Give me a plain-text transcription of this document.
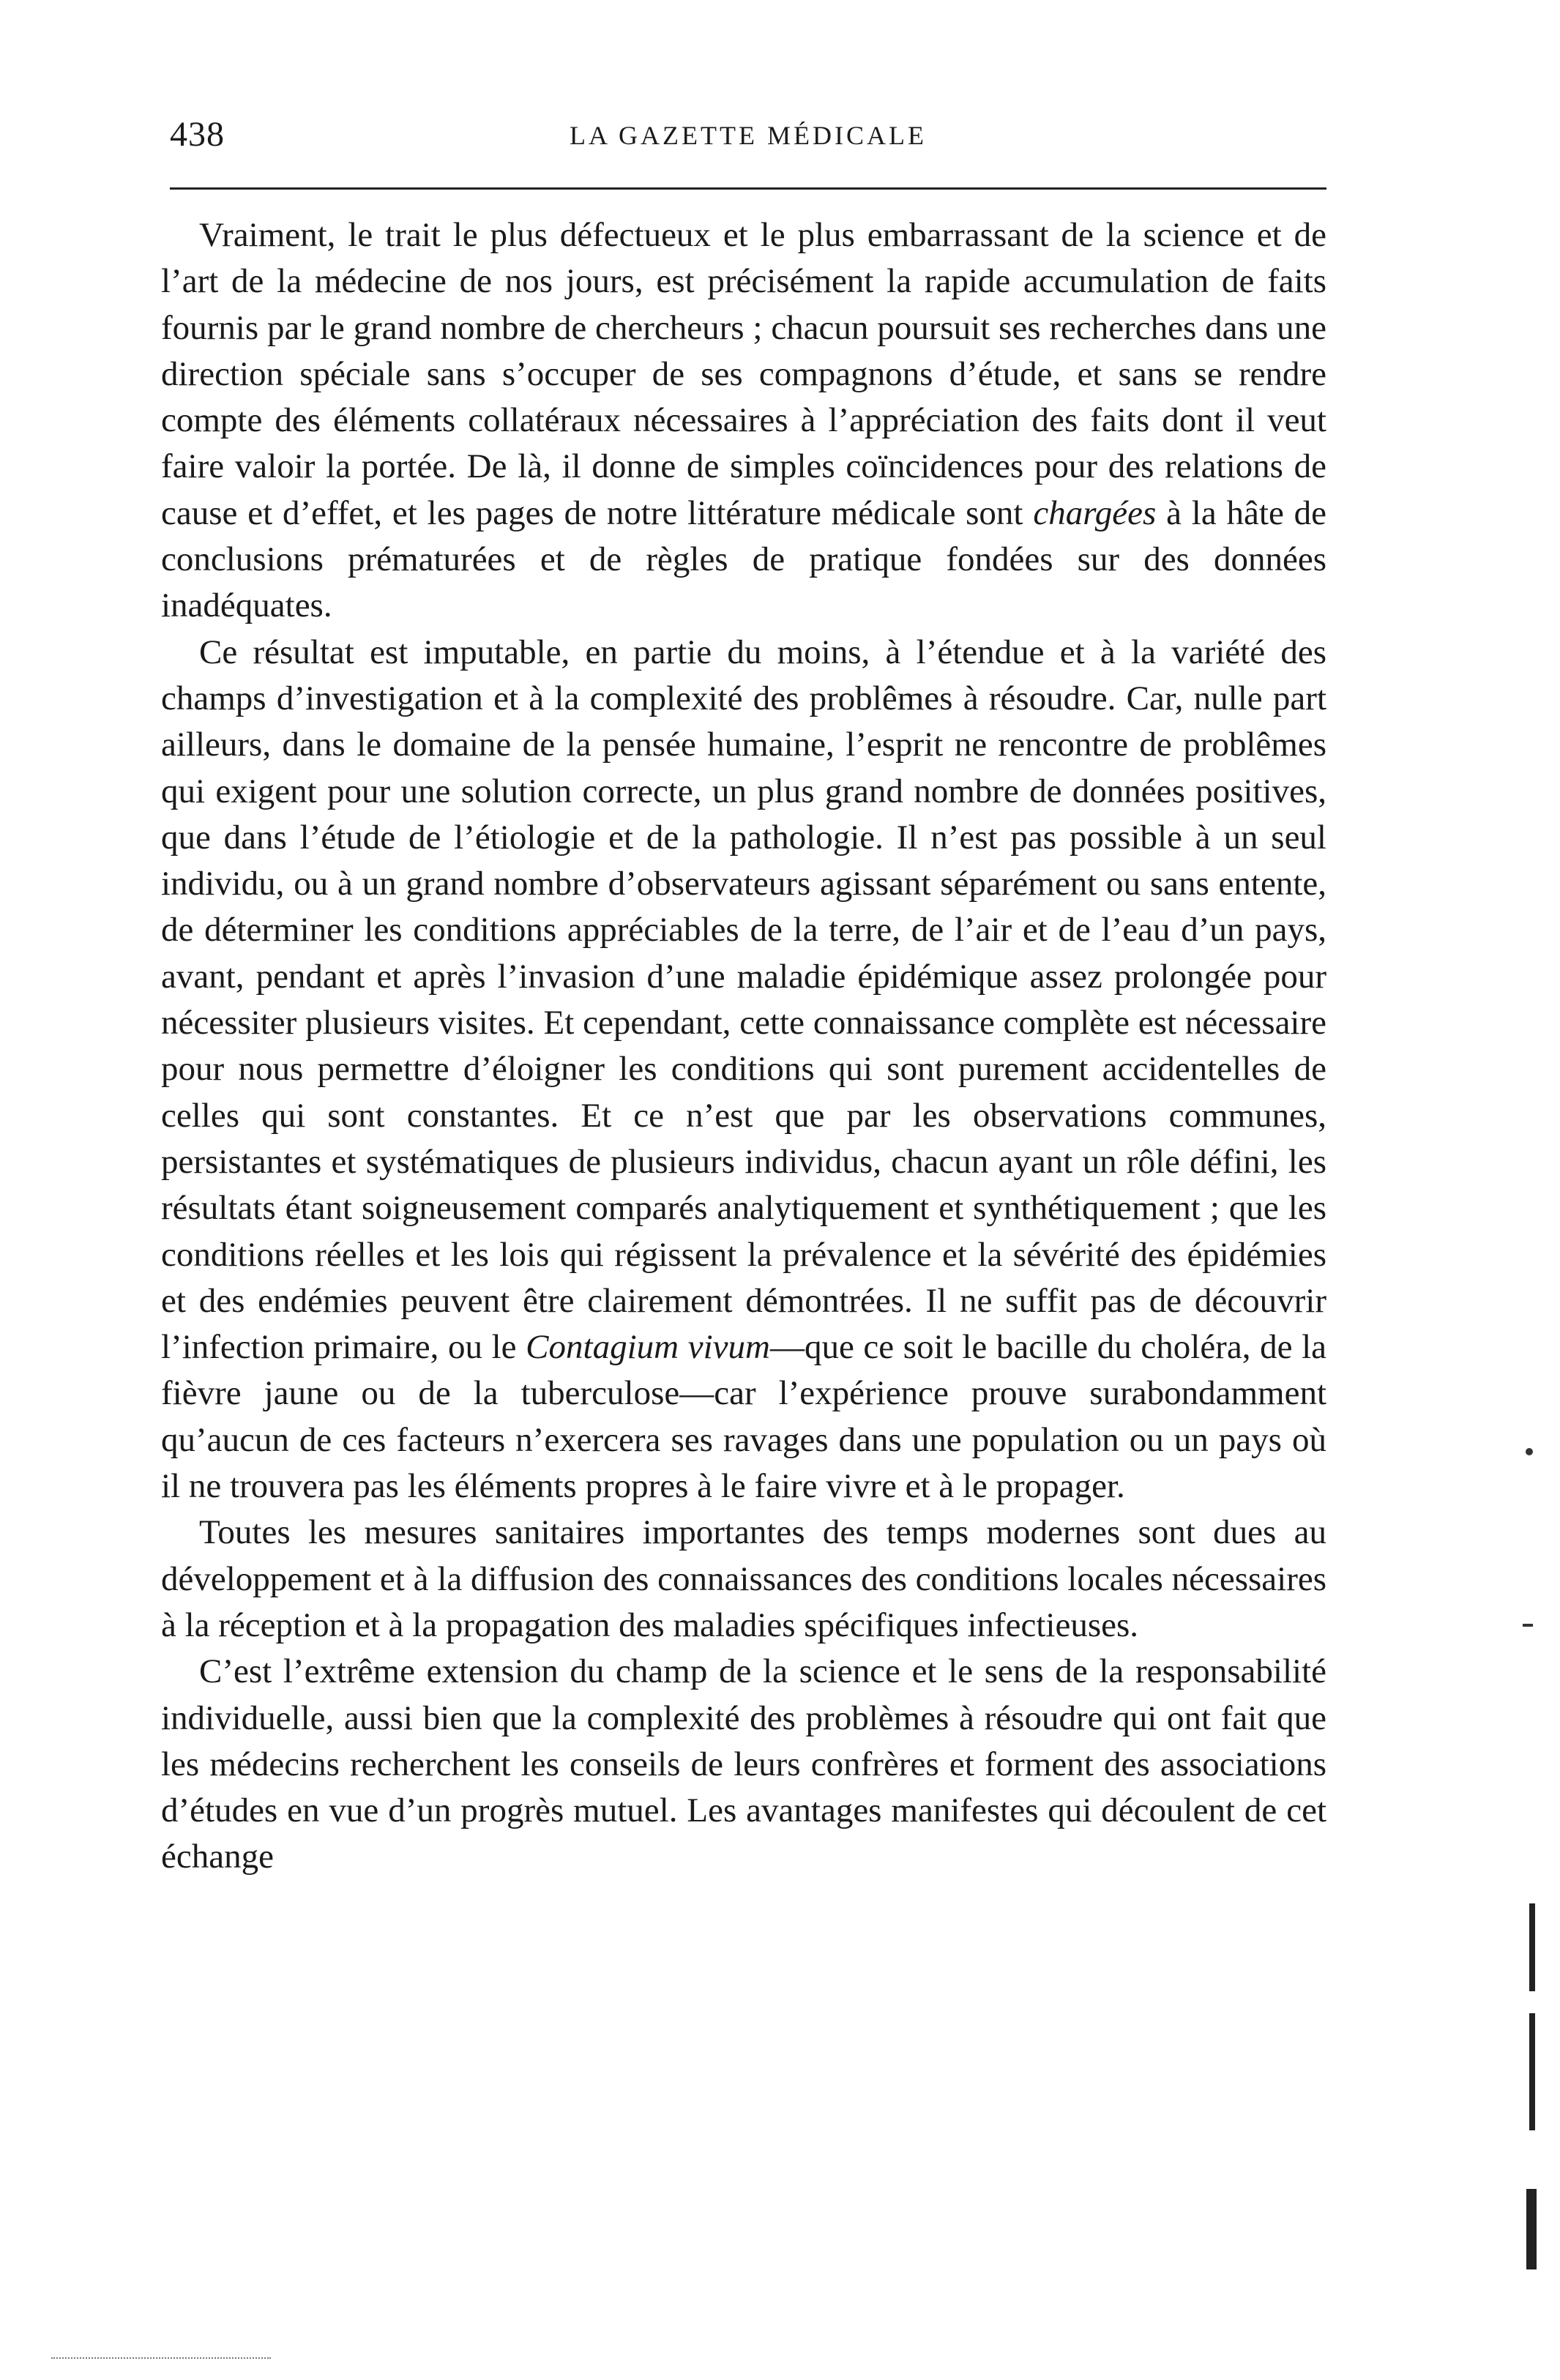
438	LA GAZETTE MÉDICALE

Vraiment, le trait le plus défectueux et le plus embarrassant de la science et de l’art de la médecine de nos jours, est précisément la rapide accumulation de faits fournis par le grand nombre de chercheurs ; chacun poursuit ses recherches dans une direction spéciale sans s’occuper de ses compagnons d’étude, et sans se rendre compte des éléments collatéraux nécessaires à l’appréciation des faits dont il veut faire valoir la portée. De là, il donne de simples coïncidences pour des relations de cause et d’effet, et les pages de notre littérature médicale sont chargées à la hâte de conclusions prématurées et de règles de pratique fondées sur des données inadéquates.

Ce résultat est imputable, en partie du moins, à l’étendue et à la variété des champs d’investigation et à la complexité des problêmes à résoudre. Car, nulle part ailleurs, dans le domaine de la pensée humaine, l’esprit ne rencontre de problêmes qui exigent pour une solution correcte, un plus grand nombre de données positives, que dans l’étude de l’étiologie et de la pathologie. Il n’est pas possible à un seul individu, ou à un grand nombre d’observateurs agissant séparément ou sans entente, de déterminer les conditions appréciables de la terre, de l’air et de l’eau d’un pays, avant, pendant et après l’invasion d’une maladie épidémique assez prolongée pour nécessiter plusieurs visites. Et cependant, cette connaissance complète est nécessaire pour nous permettre d’éloigner les conditions qui sont purement accidentelles de celles qui sont constantes. Et ce n’est que par les observations communes, persistantes et systématiques de plusieurs individus, chacun ayant un rôle défini, les résultats étant soigneusement comparés analytiquement et synthétiquement ; que les conditions réelles et les lois qui régissent la prévalence et la sévérité des épidémies et des endémies peuvent être clairement démontrées. Il ne suffit pas de découvrir l’infection primaire, ou le Contagium vivum—que ce soit le bacille du choléra, de la fièvre jaune ou de la tuberculose—car l’expérience prouve surabondamment qu’aucun de ces facteurs n’exercera ses ravages dans une population ou un pays où il ne trouvera pas les éléments propres à le faire vivre et à le propager.

Toutes les mesures sanitaires importantes des temps modernes sont dues au développement et à la diffusion des connaissances des conditions locales nécessaires à la réception et à la propagation des maladies spécifiques infectieuses.

C’est l’extrême extension du champ de la science et le sens de la responsabilité individuelle, aussi bien que la complexité des problèmes à résoudre qui ont fait que les médecins recherchent les conseils de leurs confrères et forment des associations d’études en vue d’un progrès mutuel. Les avantages manifestes qui découlent de cet échange
